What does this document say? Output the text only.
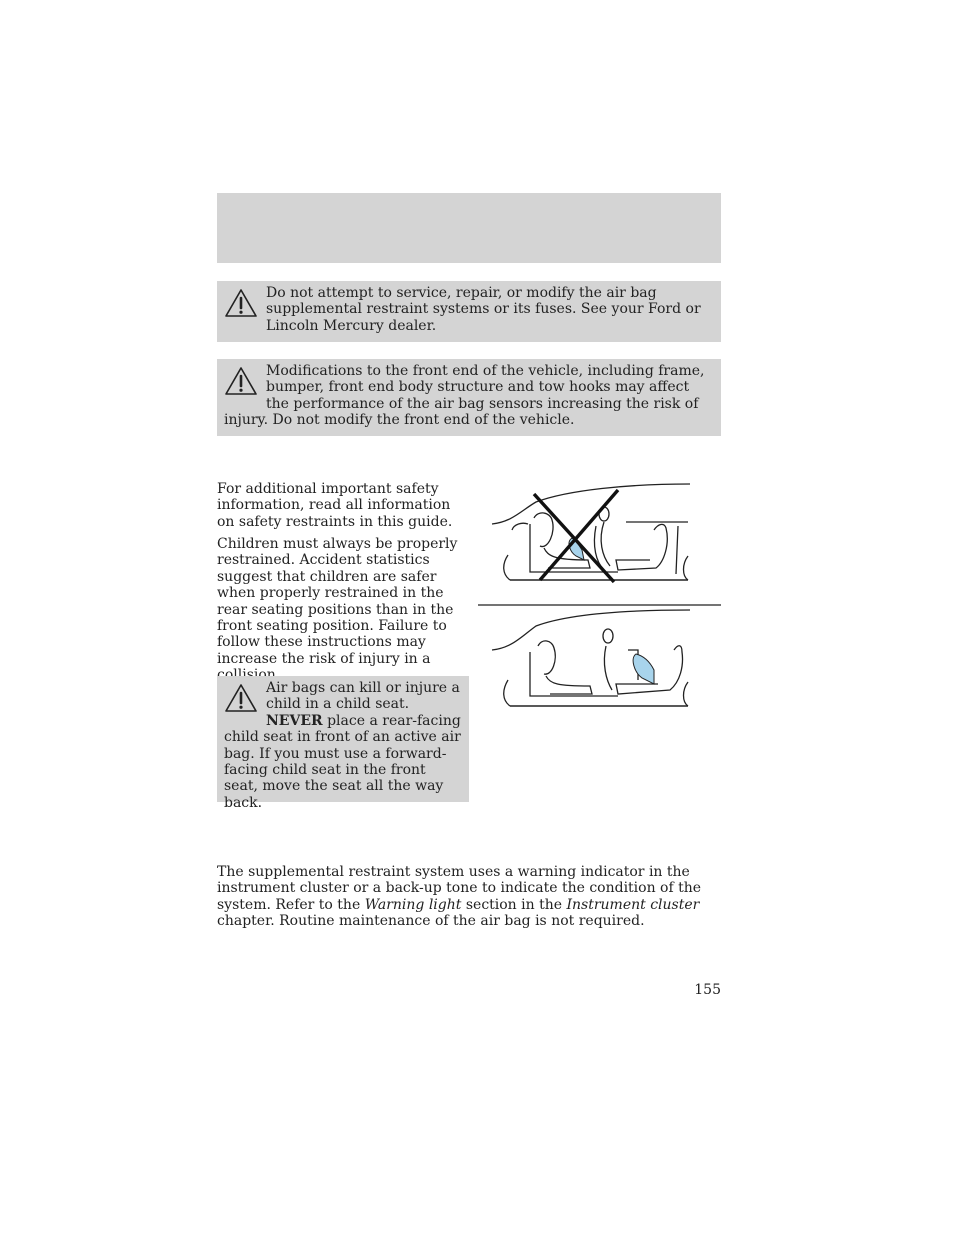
Do not attempt to service, repair, or modify the air bag supplemental restraint systems or its fuses. See your Ford or Lincoln Mercury dealer.
Modifications to the front end of the vehicle, including frame, bumper, front end body structure and tow hooks may affect the performance of the air bag sensors increasing the risk of injury. Do not modify the front end of the vehicle.

For additional important safety information, read all information on safety restraints in this guide.

Children must always be properly restrained. Accident statistics suggest that children are safer when properly restrained in the rear seating positions than in the front seating position. Failure to follow these instructions may increase the risk of injury in a

Air bags can kill or injure a child in a child seat. NEVER place a rear-facing child seat in front of an active air bag. If you must use a forward-facing child seat in the front seat, move the seat all the way back.

The supplemental restraint system uses a warning indicator in the instrument cluster or a back-up tone to indicate the condition of the system. Refer to the Warning light section in the Instrument cluster chapter. Routine maintenance of the air bag is not required.

155
